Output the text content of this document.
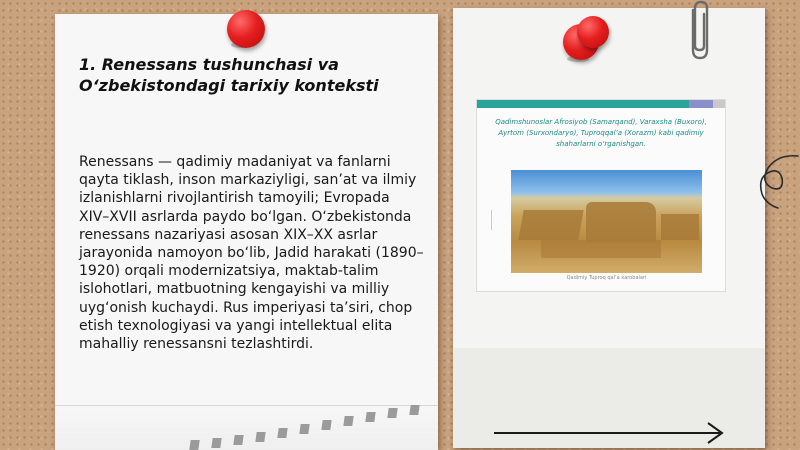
1. Renessans tushunchasi va O‘zbekistondagi tarixiy konteksti
Renessans — qadimiy madaniyat va fanlarni qayta tiklash, inson markaziyligi, san’at va ilmiy izlanishlarni rivojlantirish tamoyili; Evropada XIV–XVII asrlarda paydo bo‘lgan. O‘zbekistonda renessans nazariyasi asosan XIX–XX asrlar jarayonida namoyon bo‘lib, Jadid harakati (1890–1920) orqali modernizatsiya, maktab-talim islohotlari, matbuotning kengayishi va milliy uyg‘onish kuchaydi. Rus imperiyasi ta’siri, chop etish texnologiyasi va yangi intellektual elita mahalliy renessansni tezlashtirdi.
Qadimshunoslar Afrosiyob (Samarqand), Varaxsha (Buxoro), Ayrtom (Surxondaryo), Tuproqqal’a (Xorazm) kabi qadimiy shaharlarni o‘rganishgan.
Qadimiy Tuproq qal’a xarobalari
